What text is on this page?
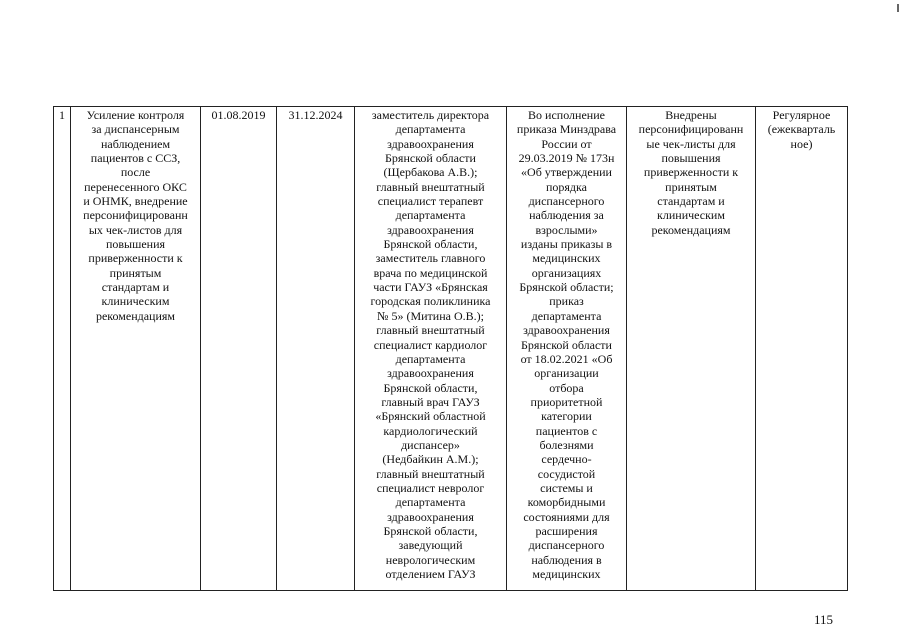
1	Усиление контроля
за диспансерным
наблюдением
пациентов с ССЗ,
после
перенесенного ОКС
и ОНМК, внедрение
персонифицированн
ых чек-листов для
повышения
приверженности к
принятым
стандартам и
клиническим
рекомендациям	01.08.2019	31.12.2024	заместитель директора
департамента
здравоохранения
Брянской области
(Щербакова А.В.);
главный внештатный
специалист терапевт
департамента
здравоохранения
Брянской области,
заместитель главного
врача по медицинской
части ГАУЗ «Брянская
городская поликлиника
№ 5» (Митина О.В.);
главный внештатный
специалист кардиолог
департамента
здравоохранения
Брянской области,
главный врач ГАУЗ
«Брянский областной
кардиологический
диспансер»
(Недбайкин А.М.);
главный внештатный
специалист невролог
департамента
здравоохранения
Брянской области,
заведующий
неврологическим
отделением ГАУЗ	Во исполнение
приказа Минздрава
России от
29.03.2019 № 173н
«Об утверждении
порядка
диспансерного
наблюдения за
взрослыми»
изданы приказы в
медицинских
организациях
Брянской области;
приказ
департамента
здравоохранения
Брянской области
от 18.02.2021 «Об
организации
отбора
приоритетной
категории
пациентов с
болезнями
сердечно-
сосудистой
системы и
коморбидными
состояниями для
расширения
диспансерного
наблюдения в
медицинских	Внедрены
персонифицированн
ые чек-листы для
повышения
приверженности к
принятым
стандартам и
клиническим
рекомендациям	Регулярное
(ежекварталь
ное)
115
